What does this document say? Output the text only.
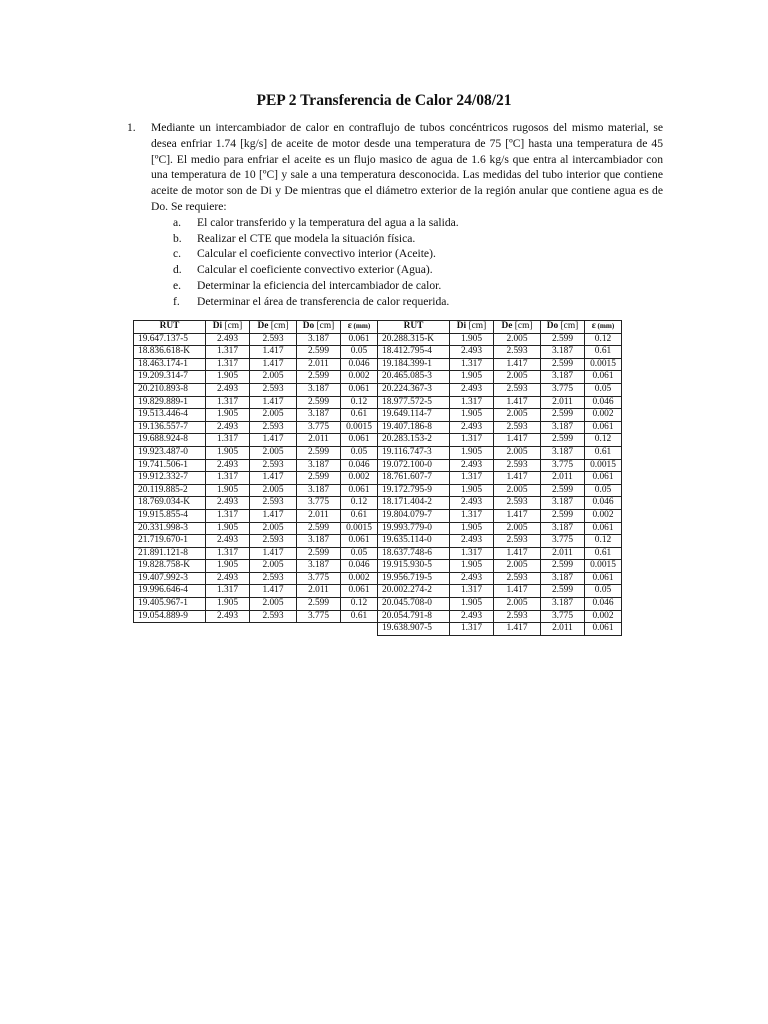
PEP 2 Transferencia de Calor 24/08/21
1. Mediante un intercambiador de calor en contraflujo de tubos concéntricos rugosos del mismo material, se desea enfriar 1.74 [kg/s] de aceite de motor desde una temperatura de 75 [ºC] hasta una temperatura de 45 [ºC]. El medio para enfriar el aceite es un flujo masico de agua de 1.6 kg/s que entra al intercambiador con una temperatura de 10 [ºC] y sale a una temperatura desconocida. Las medidas del tubo interior que contiene aceite de motor son de Di y De mientras que el diámetro exterior de la región anular que contiene agua es de Do. Se requiere:
a. El calor transferido y la temperatura del agua a la salida.
b. Realizar el CTE que modela la situación física.
c. Calcular el coeficiente convectivo interior (Aceite).
d. Calcular el coeficiente convectivo exterior (Agua).
e. Determinar la eficiencia del intercambiador de calor.
f. Determinar el área de transferencia de calor requerida.
RUT	Di [cm]	De [cm]	Do [cm]	ε (mm)	RUT	Di [cm]	De [cm]	Do [cm]	ε (mm)
19.647.137-5	2.493	2.593	3.187	0.061	20.288.315-K	1.905	2.005	2.599	0.12
18.836.618-K	1.317	1.417	2.599	0.05	18.412.795-4	2.493	2.593	3.187	0.61
18.463.174-1	1.317	1.417	2.011	0.046	19.184.399-1	1.317	1.417	2.599	0.0015
19.209.314-7	1.905	2.005	2.599	0.002	20.465.085-3	1.905	2.005	3.187	0.061
20.210.893-8	2.493	2.593	3.187	0.061	20.224.367-3	2.493	2.593	3.775	0.05
19.829.889-1	1.317	1.417	2.599	0.12	18.977.572-5	1.317	1.417	2.011	0.046
19.513.446-4	1.905	2.005	3.187	0.61	19.649.114-7	1.905	2.005	2.599	0.002
19.136.557-7	2.493	2.593	3.775	0.0015	19.407.186-8	2.493	2.593	3.187	0.061
19.688.924-8	1.317	1.417	2.011	0.061	20.283.153-2	1.317	1.417	2.599	0.12
19.923.487-0	1.905	2.005	2.599	0.05	19.116.747-3	1.905	2.005	3.187	0.61
19.741.506-1	2.493	2.593	3.187	0.046	19.072.100-0	2.493	2.593	3.775	0.0015
19.912.332-7	1.317	1.417	2.599	0.002	18.761.607-7	1.317	1.417	2.011	0.061
20.119.885-2	1.905	2.005	3.187	0.061	19.172.795-9	1.905	2.005	2.599	0.05
18.769.034-K	2.493	2.593	3.775	0.12	18.171.404-2	2.493	2.593	3.187	0.046
19.915.855-4	1.317	1.417	2.011	0.61	19.804.079-7	1.317	1.417	2.599	0.002
20.331.998-3	1.905	2.005	2.599	0.0015	19.993.779-0	1.905	2.005	3.187	0.061
21.719.670-1	2.493	2.593	3.187	0.061	19.635.114-0	2.493	2.593	3.775	0.12
21.891.121-8	1.317	1.417	2.599	0.05	18.637.748-6	1.317	1.417	2.011	0.61
19.828.758-K	1.905	2.005	3.187	0.046	19.915.930-5	1.905	2.005	2.599	0.0015
19.407.992-3	2.493	2.593	3.775	0.002	19.956.719-5	2.493	2.593	3.187	0.061
19.996.646-4	1.317	1.417	2.011	0.061	20.002.274-2	1.317	1.417	2.599	0.05
19.405.967-1	1.905	2.005	2.599	0.12	20.045.708-0	1.905	2.005	3.187	0.046
19.054.889-9	2.493	2.593	3.775	0.61	20.054.791-8	2.493	2.593	3.775	0.002
					19.638.907-5	1.317	1.417	2.011	0.061
